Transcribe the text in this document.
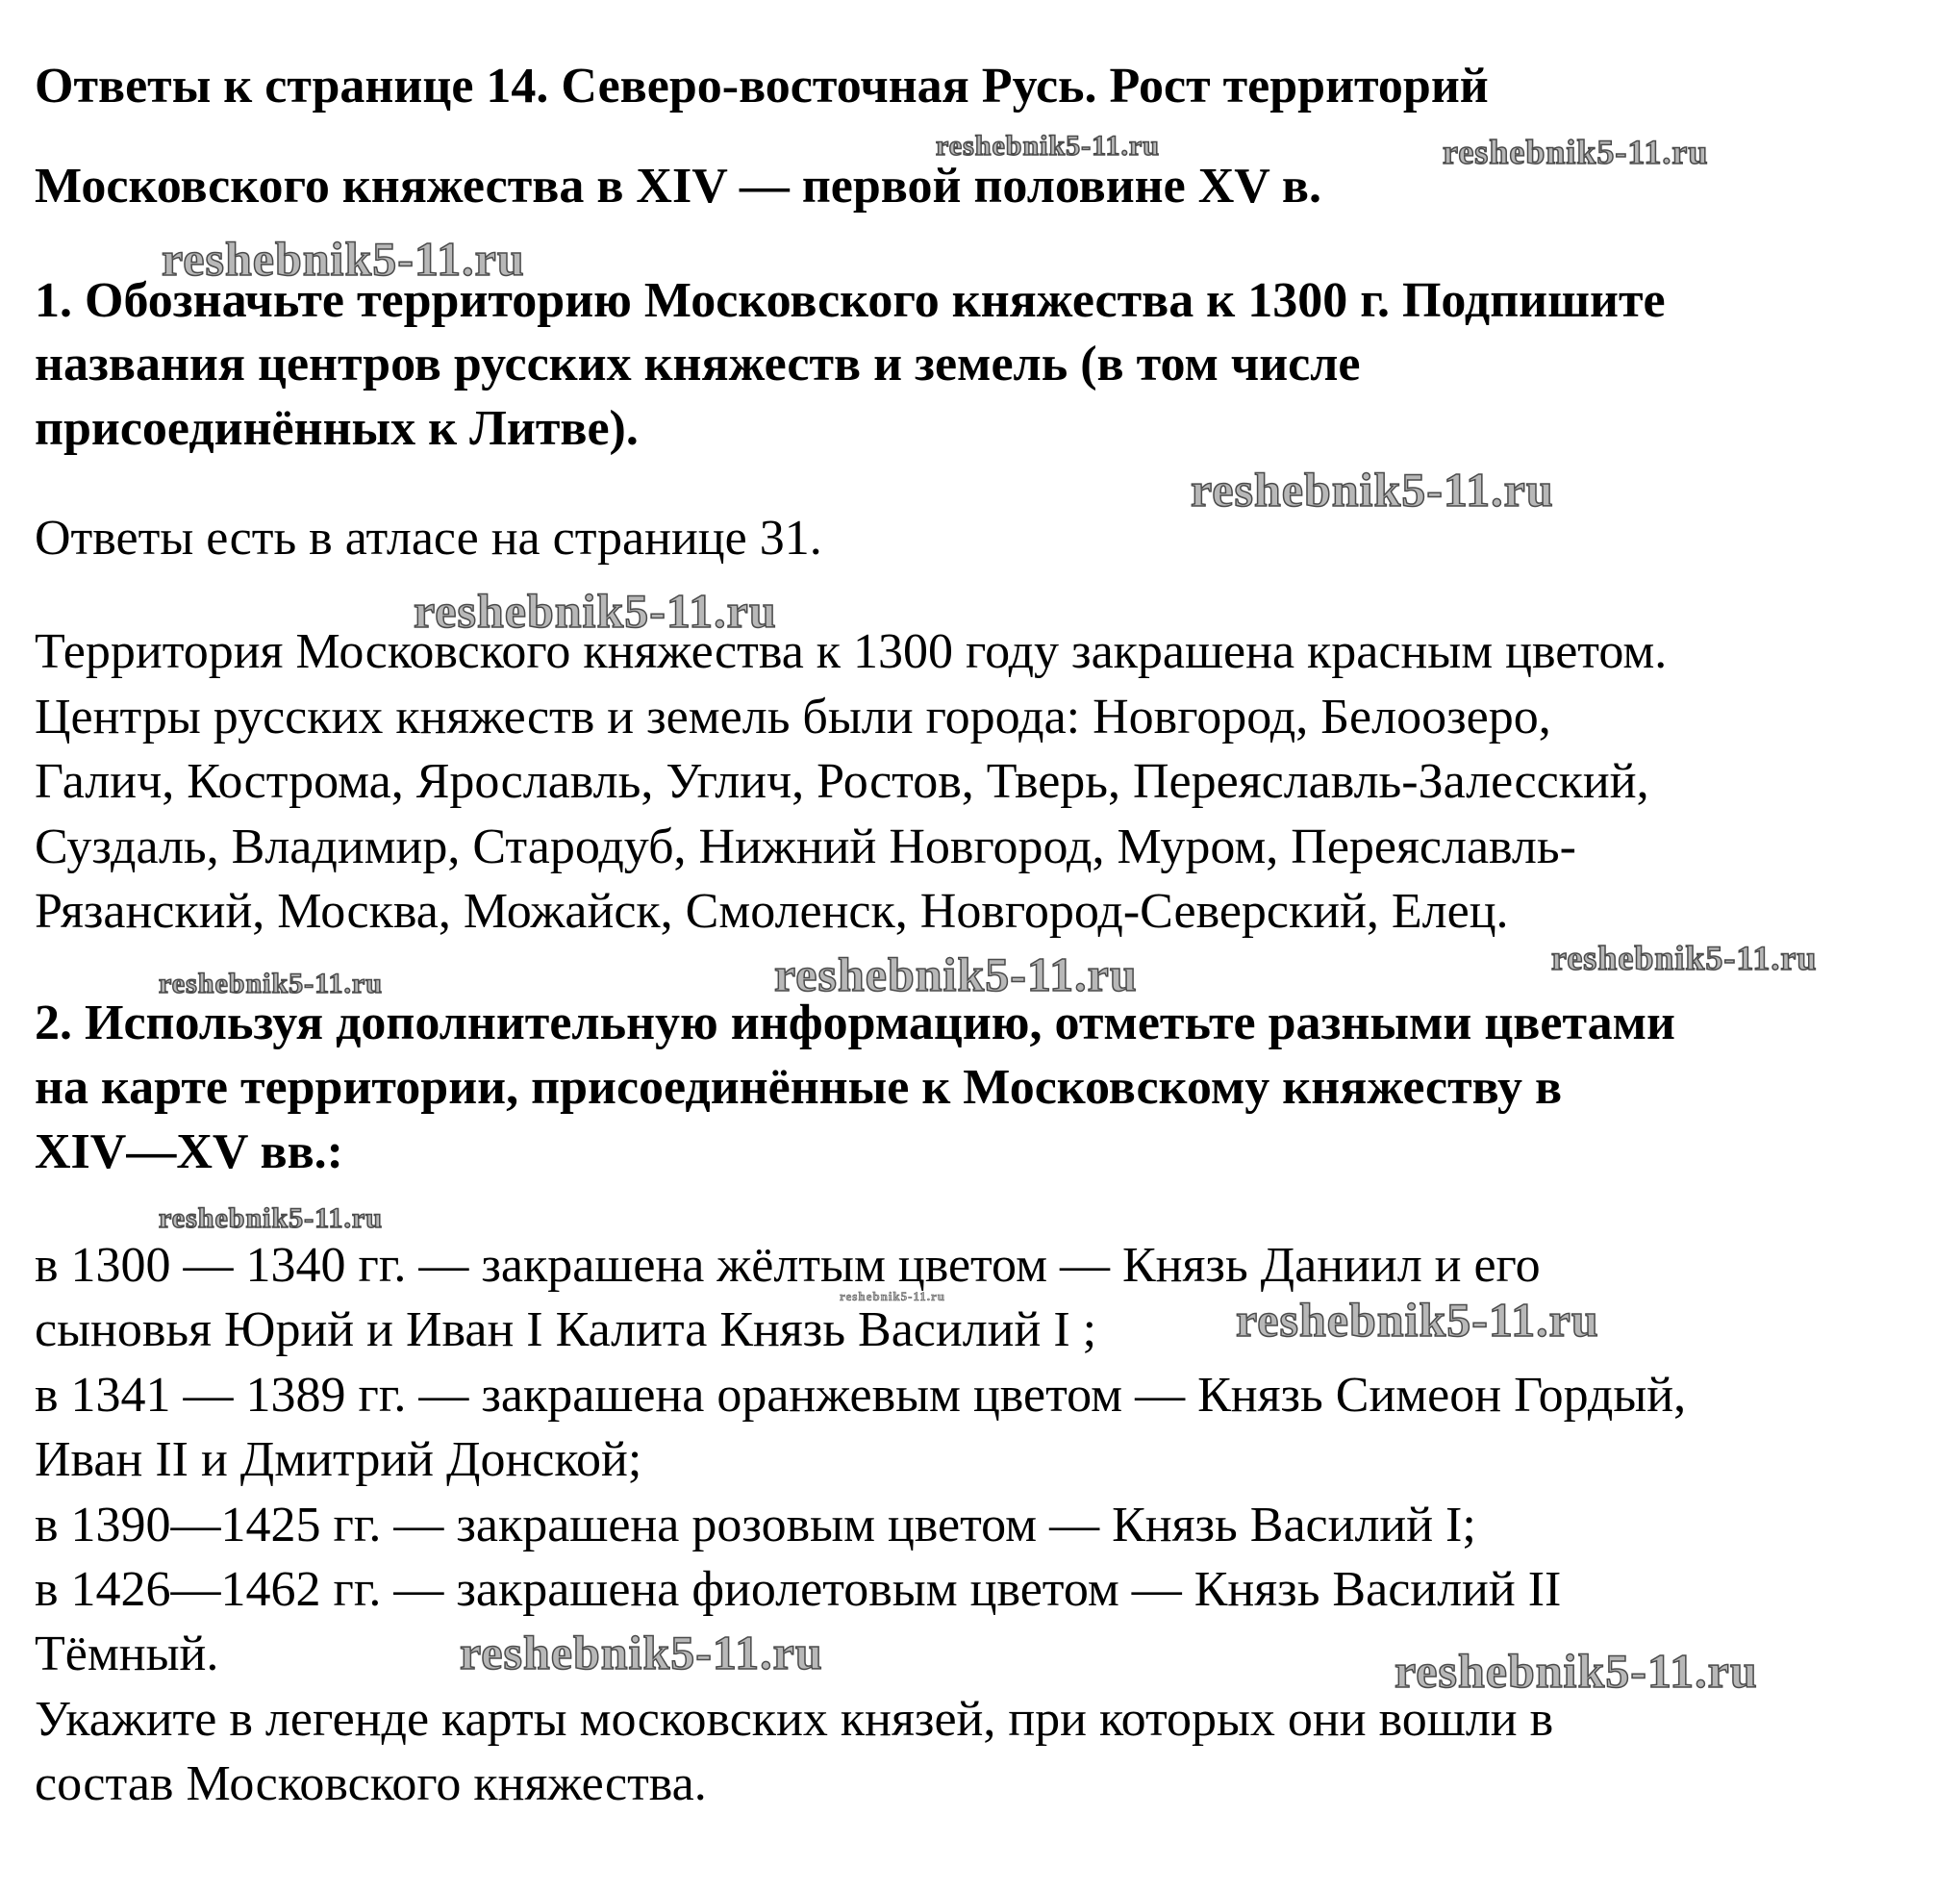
Ответы к странице 14. Северо-восточная Русь. Рост территорий
Московского княжества в XIV — первой половине XV в.
1. Обозначьте территорию Московского княжества к 1300 г. Подпишите
названия центров русских княжеств и земель (в том числе
присоединённых к Литве).
Ответы есть в атласе на странице 31.
Территория Московского княжества к 1300 году закрашена красным цветом.
Центры русских княжеств и земель были города: Новгород, Белоозеро,
Галич, Кострома, Ярославль, Углич, Ростов, Тверь, Переяславль-Залесский,
Суздаль, Владимир, Стародуб, Нижний Новгород, Муром, Переяславль-
Рязанский, Москва, Можайск, Смоленск, Новгород-Северский, Елец.
2. Используя дополнительную информацию, отметьте разными цветами
на карте территории, присоединённые к Московскому княжеству в
XIV—XV вв.:
в 1300 — 1340 гг. — закрашена жёлтым цветом — Князь Даниил и его
сыновья Юрий и Иван I Калита Князь Василий I ;
в 1341 — 1389 гг. — закрашена оранжевым цветом — Князь Симеон Гордый,
Иван II и Дмитрий Донской;
в 1390—1425 гг. — закрашена розовым цветом — Князь Василий I;
в 1426—1462 гг. — закрашена фиолетовым цветом — Князь Василий II
Тёмный.
Укажите в легенде карты московских князей, при которых они вошли в
состав Московского княжества.
reshebnik5-11.ru	reshebnik5-11.ru
reshebnik5-11.ru
reshebnik5-11.ru
reshebnik5-11.ru
reshebnik5-11.ru	reshebnik5-11.ru	reshebnik5-11.ru
reshebnik5-11.ru
reshebnik5-11.ru	reshebnik5-11.ru
reshebnik5-11.ru	reshebnik5-11.ru
